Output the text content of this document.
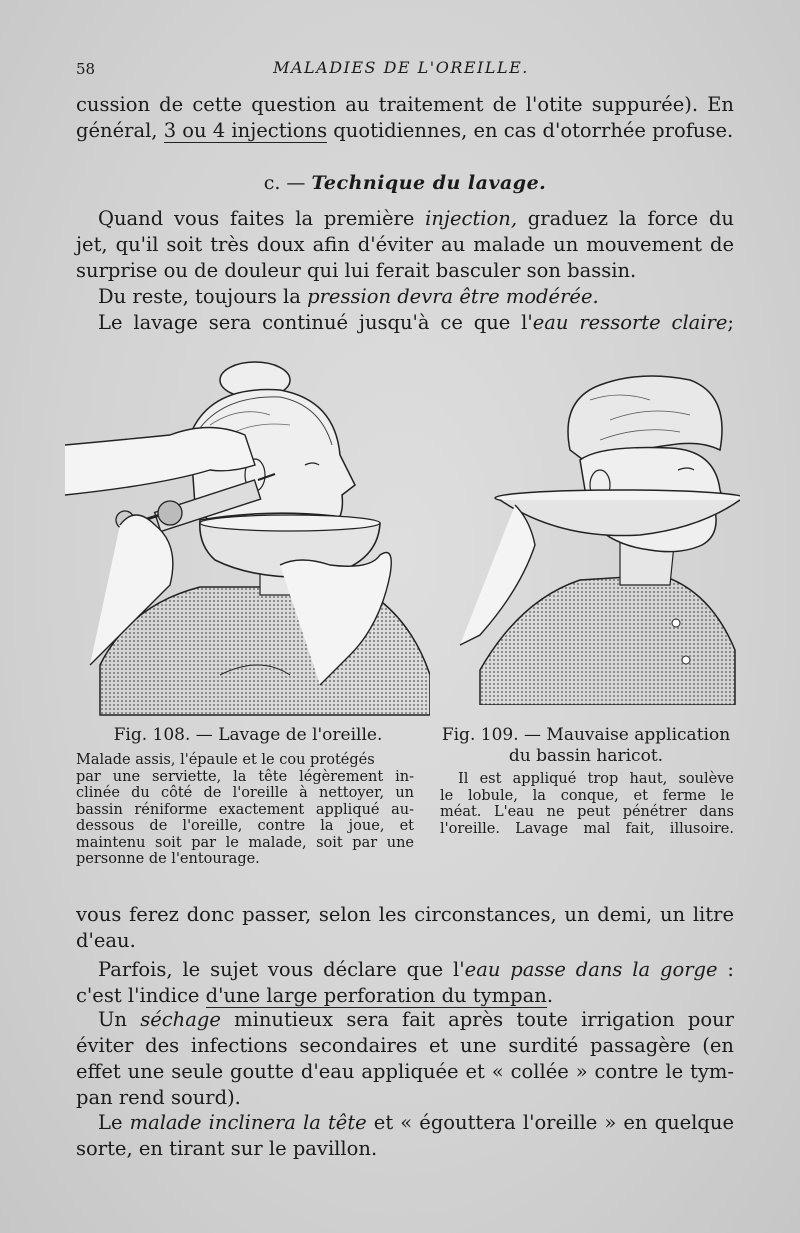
58	MALADIES DE L'OREILLE.
cussion de cette question au traitement de l'otite suppurée). En
général, 3 ou 4 injections quotidiennes, en cas d'otorrhée profuse.
c. — Technique du lavage.
Quand vous faites la première injection, graduez la force du
jet, qu'il soit très doux afin d'éviter au malade un mouvement de
surprise ou de douleur qui lui ferait basculer son bassin.
Du reste, toujours la pression devra être modérée.
Le lavage sera continué jusqu'à ce que l'eau ressorte claire;
Fig. 108. — Lavage de l'oreille.
Malade assis, l'épaule et le cou protégés
par une serviette, la tête légèrement in-
clinée du côté de l'oreille à nettoyer, un
bassin réniforme exactement appliqué au-
dessous de l'oreille, contre la joue, et
maintenu soit par le malade, soit par une
personne de l'entourage.
Fig. 109. — Mauvaise application
du bassin haricot.
Il est appliqué trop haut, soulève
le lobule, la conque, et ferme le
méat. L'eau ne peut pénétrer dans
l'oreille. Lavage mal fait, illusoire.
vous ferez donc passer, selon les circonstances, un demi, un litre
d'eau.
Parfois, le sujet vous déclare que l'eau passe dans la gorge :
c'est l'indice d'une large perforation du tympan.
Un séchage minutieux sera fait après toute irrigation pour
éviter des infections secondaires et une surdité passagère (en
effet une seule goutte d'eau appliquée et « collée » contre le tym-
pan rend sourd).
Le malade inclinera la tête et « égouttera l'oreille » en quelque
sorte, en tirant sur le pavillon.
